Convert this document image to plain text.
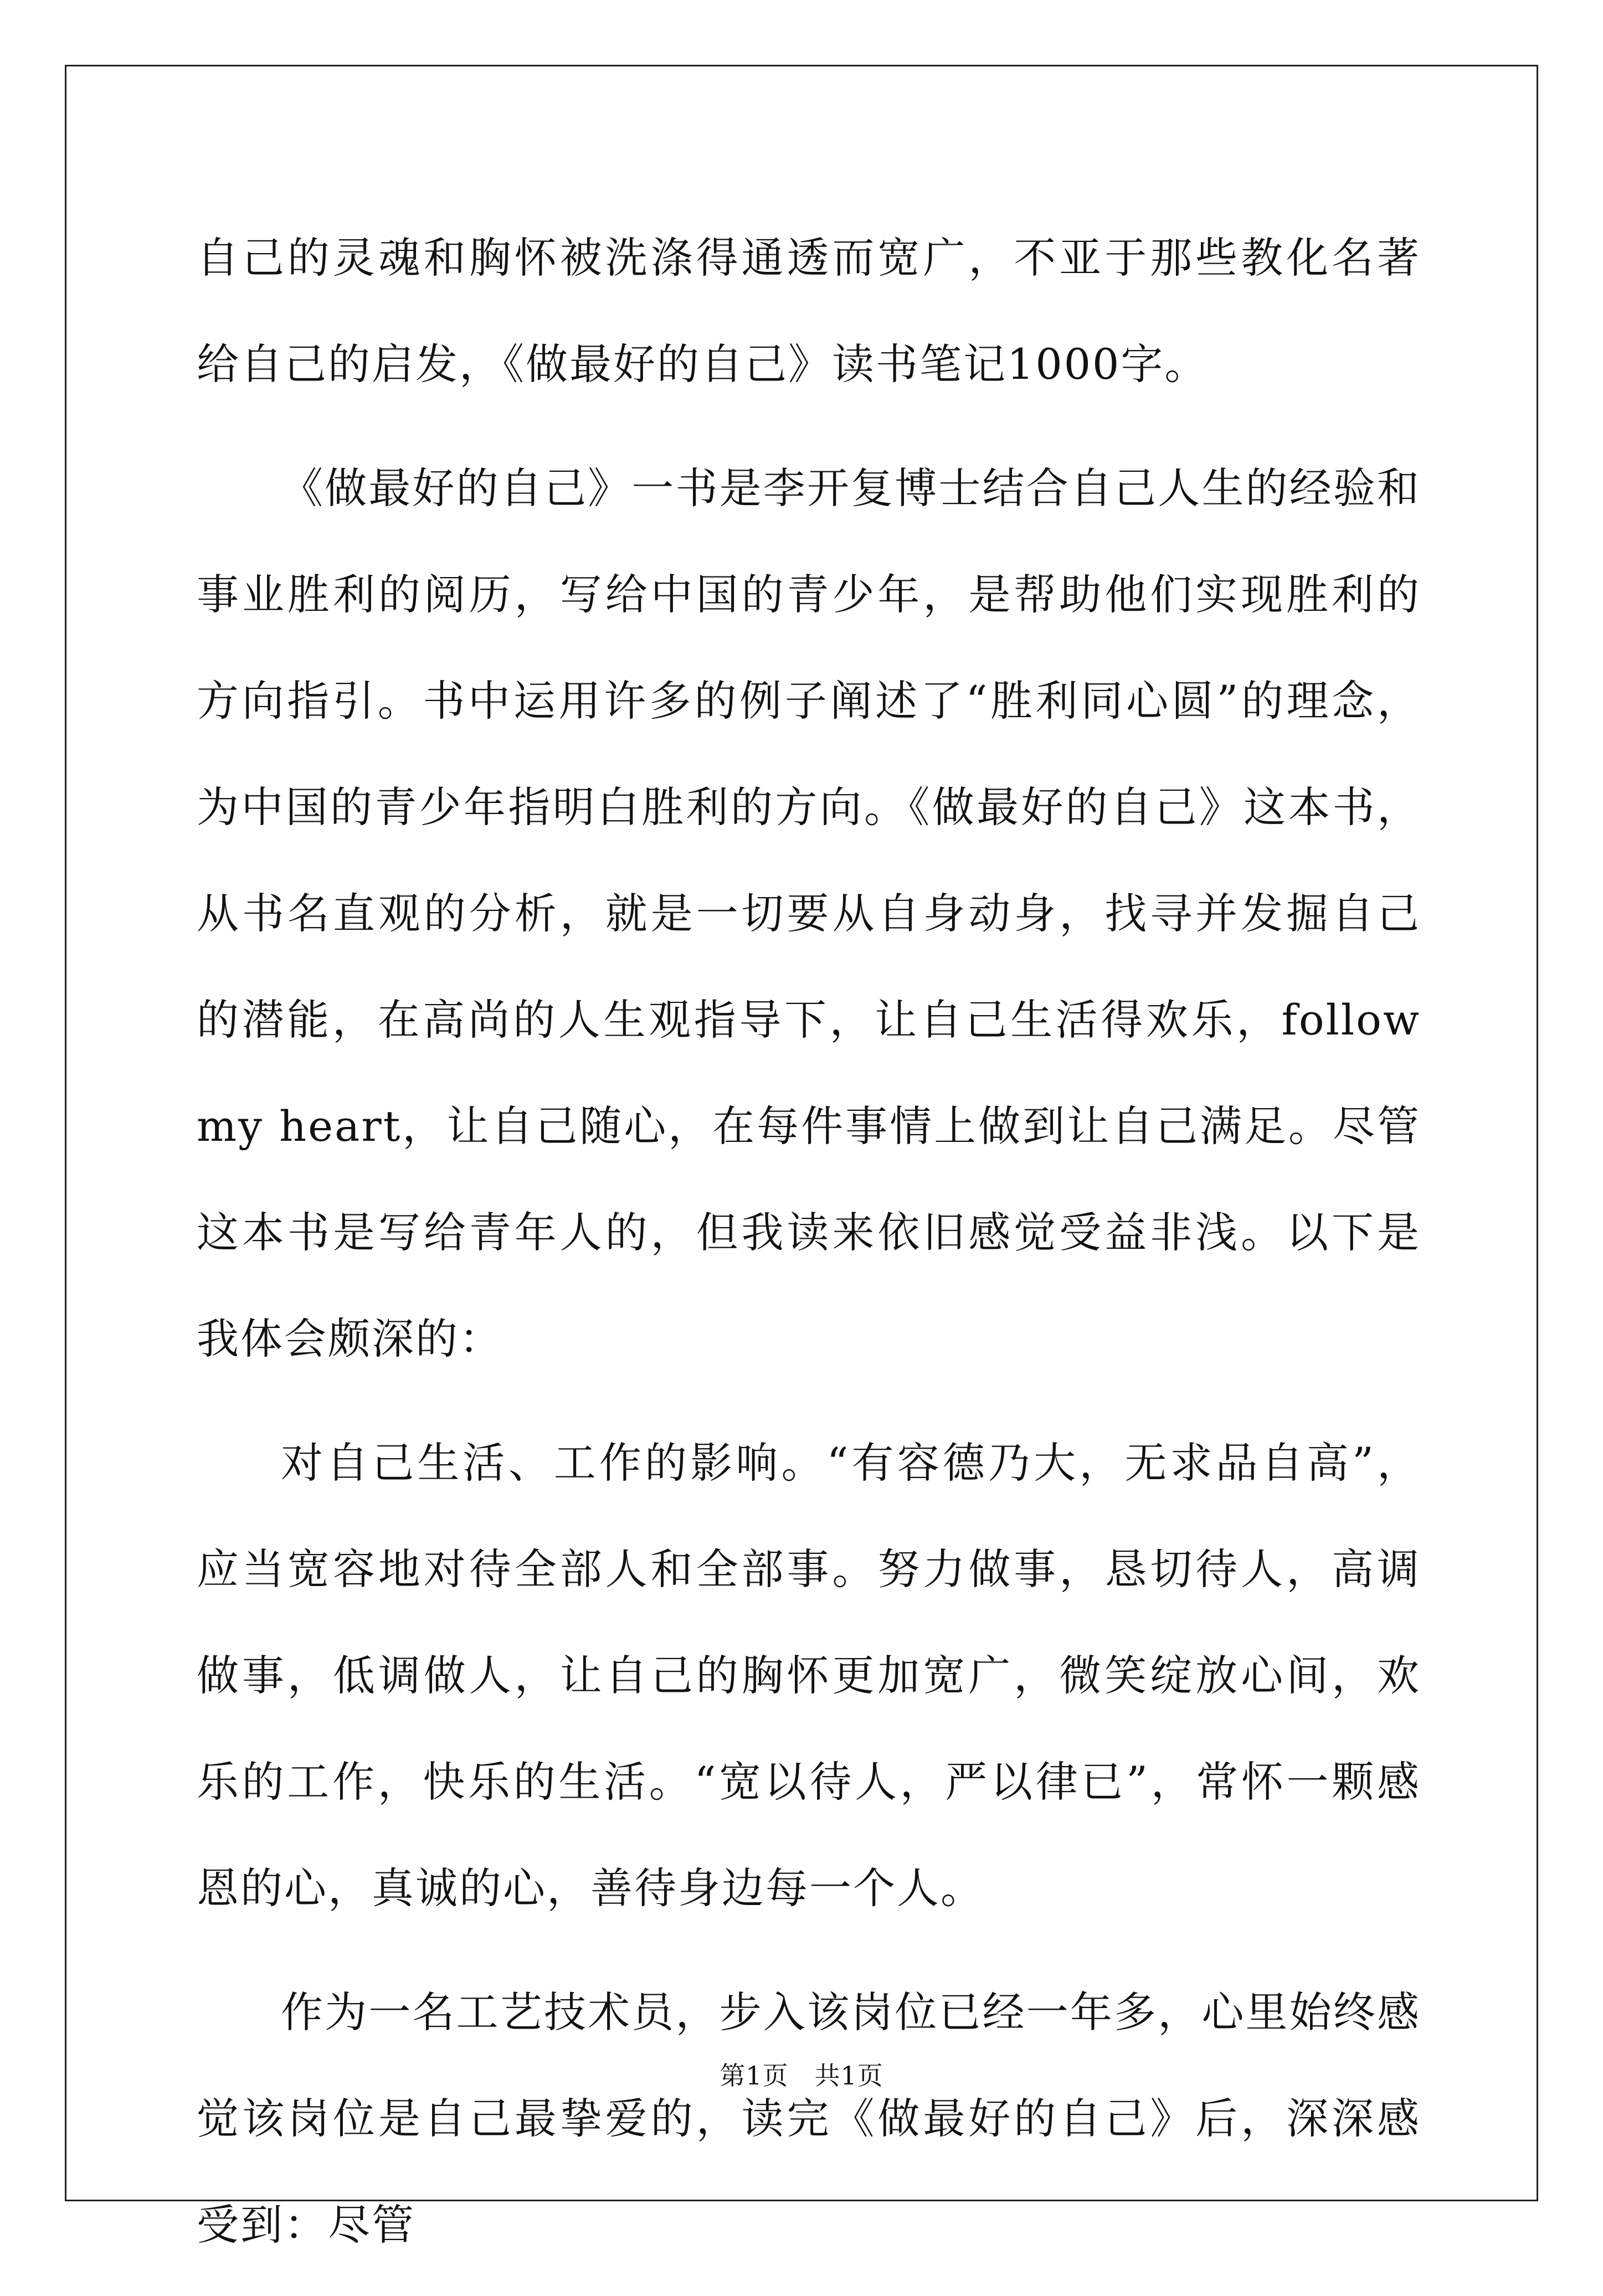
自己的灵魂和胸怀被洗涤得通透而宽广，不亚于那些教化名著给自己的启发，《做最好的自己》读书笔记1000字。

《做最好的自己》一书是李开复博士结合自己人生的经验和事业胜利的阅历，写给中国的青少年，是帮助他们实现胜利的方向指引。书中运用许多的例子阐述了“胜利同心圆”的理念，为中国的青少年指明白胜利的方向。《做最好的自己》这本书，从书名直观的分析，就是一切要从自身动身，找寻并发掘自己的潜能，在高尚的人生观指导下，让自己生活得欢乐，follow my heart，让自己随心，在每件事情上做到让自己满足。尽管这本书是写给青年人的，但我读来依旧感觉受益非浅。以下是我体会颇深的：

对自己生活、工作的影响。“有容德乃大，无求品自高”，应当宽容地对待全部人和全部事。努力做事，恳切待人，高调做事，低调做人，让自己的胸怀更加宽广，微笑绽放心间，欢乐的工作，快乐的生活。“宽以待人，严以律已”，常怀一颗感恩的心，真诚的心，善待身边每一个人。

作为一名工艺技术员，步入该岗位已经一年多，心里始终感觉该岗位是自己最挚爱的，读完《做最好的自己》后，深深感受到：尽管

第1页 共1页
